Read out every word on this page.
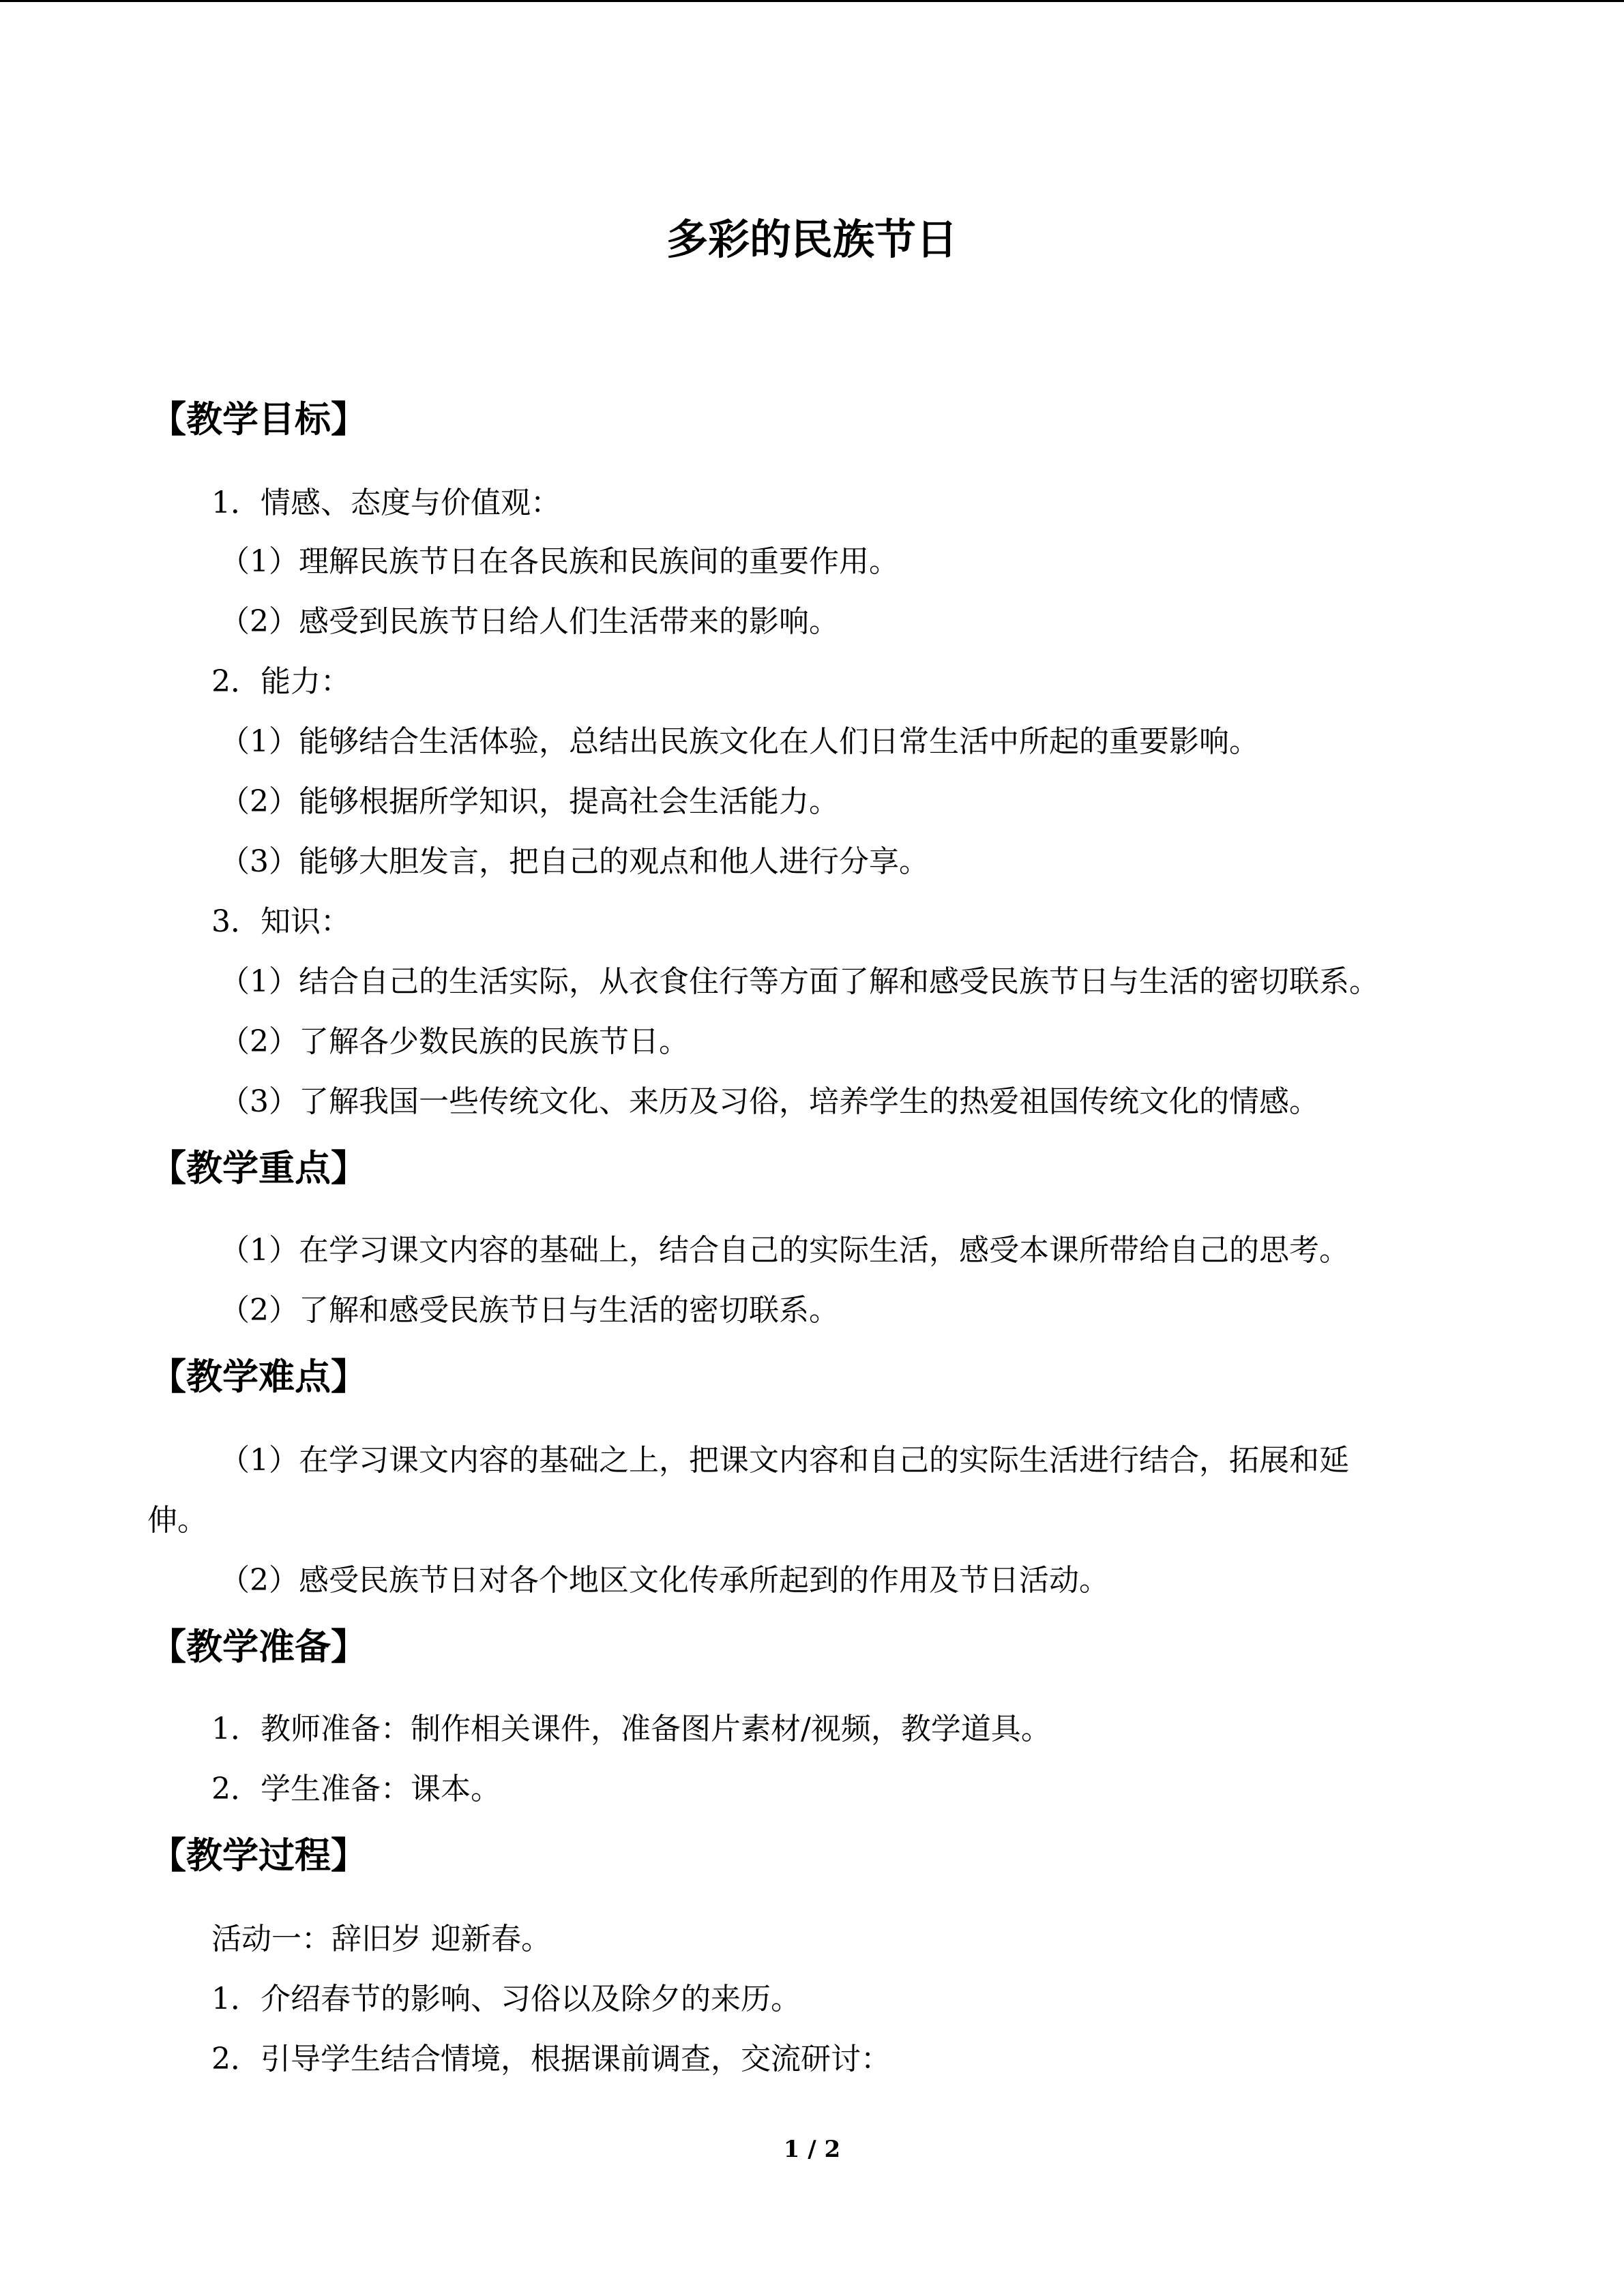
多彩的民族节日
【教学目标】
1．情感、态度与价值观：
（1）理解民族节日在各民族和民族间的重要作用。
（2）感受到民族节日给人们生活带来的影响。
2．能力：
（1）能够结合生活体验，总结出民族文化在人们日常生活中所起的重要影响。
（2）能够根据所学知识，提高社会生活能力。
（3）能够大胆发言，把自己的观点和他人进行分享。
3．知识：
（1）结合自己的生活实际，从衣食住行等方面了解和感受民族节日与生活的密切联系。
（2）了解各少数民族的民族节日。
（3）了解我国一些传统文化、来历及习俗，培养学生的热爱祖国传统文化的情感。
【教学重点】
（1）在学习课文内容的基础上，结合自己的实际生活，感受本课所带给自己的思考。
（2）了解和感受民族节日与生活的密切联系。
【教学难点】
（1）在学习课文内容的基础之上，把课文内容和自己的实际生活进行结合，拓展和延
伸。
（2）感受民族节日对各个地区文化传承所起到的作用及节日活动。
【教学准备】
1．教师准备：制作相关课件，准备图片素材/视频，教学道具。
2．学生准备：课本。
【教学过程】
活动一：辞旧岁 迎新春。
1．介绍春节的影响、习俗以及除夕的来历。
2．引导学生结合情境，根据课前调查，交流研讨：
1 / 2
